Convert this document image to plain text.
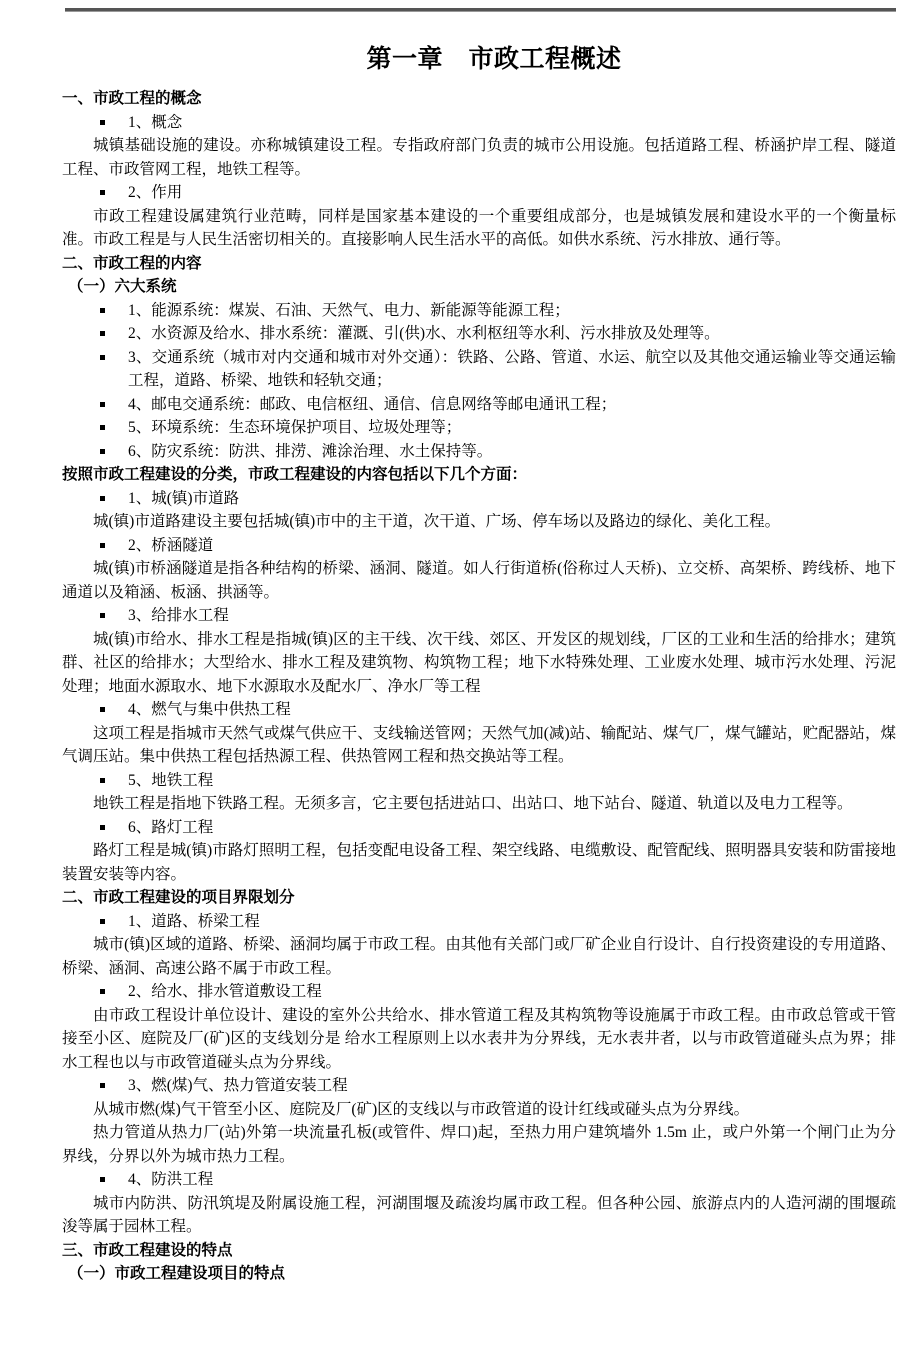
第一章　市政工程概述

一、市政工程的概念

1、概念

城镇基础设施的建设。亦称城镇建设工程。专指政府部门负责的城市公用设施。包括道路工程、桥涵护岸工程、隧道工程、市政管网工程，地铁工程等。

2、作用

市政工程建设属建筑行业范畴，同样是国家基本建设的一个重要组成部分，也是城镇发展和建设水平的一个衡量标准。市政工程是与人民生活密切相关的。直接影响人民生活水平的高低。如供水系统、污水排放、通行等。

二、市政工程的内容

（一）六大系统

1、能源系统：煤炭、石油、天然气、电力、新能源等能源工程；
2、水资源及给水、排水系统：灌溉、引(供)水、水利枢纽等水利、污水排放及处理等。
3、交通系统（城市对内交通和城市对外交通）：铁路、公路、管道、水运、航空以及其他交通运输业等交通运输工程，道路、桥梁、地铁和轻轨交通；
4、邮电交通系统：邮政、电信枢纽、通信、信息网络等邮电通讯工程；
5、环境系统：生态环境保护项目、垃圾处理等；
6、防灾系统：防洪、排涝、滩涂治理、水土保持等。

按照市政工程建设的分类，市政工程建设的内容包括以下几个方面：

1、城(镇)市道路

城(镇)市道路建设主要包括城(镇)市中的主干道，次干道、广场、停车场以及路边的绿化、美化工程。

2、桥涵隧道

城(镇)市桥涵隧道是指各种结构的桥梁、涵洞、隧道。如人行街道桥(俗称过人天桥)、立交桥、高架桥、跨线桥、地下通道以及箱涵、板涵、拱涵等。

3、给排水工程

城(镇)市给水、排水工程是指城(镇)区的主干线、次干线、郊区、开发区的规划线，厂区的工业和生活的给排水；建筑群、社区的给排水；大型给水、排水工程及建筑物、构筑物工程；地下水特殊处理、工业废水处理、城市污水处理、污泥处理；地面水源取水、地下水源取水及配水厂、净水厂等工程

4、燃气与集中供热工程

这项工程是指城市天然气或煤气供应干、支线输送管网；天然气加(减)站、输配站、煤气厂，煤气罐站，贮配器站，煤气调压站。集中供热工程包括热源工程、供热管网工程和热交换站等工程。

5、地铁工程

地铁工程是指地下铁路工程。无须多言，它主要包括进站口、出站口、地下站台、隧道、轨道以及电力工程等。

6、路灯工程

路灯工程是城(镇)市路灯照明工程，包括变配电设备工程、架空线路、电缆敷设、配管配线、照明器具安装和防雷接地装置安装等内容。

二、市政工程建设的项目界限划分

1、道路、桥梁工程

城市(镇)区域的道路、桥梁、涵洞均属于市政工程。由其他有关部门或厂矿企业自行设计、自行投资建设的专用道路、桥梁、涵洞、高速公路不属于市政工程。

2、给水、排水管道敷设工程

由市政工程设计单位设计、建设的室外公共给水、排水管道工程及其构筑物等设施属于市政工程。由市政总管或干管接至小区、庭院及厂(矿)区的支线划分是 给水工程原则上以水表井为分界线，无水表井者，以与市政管道碰头点为界；排水工程也以与市政管道碰头点为分界线。

3、燃(煤)气、热力管道安装工程

从城市燃(煤)气干管至小区、庭院及厂(矿)区的支线以与市政管道的设计红线或碰头点为分界线。

热力管道从热力厂(站)外第一块流量孔板(或管件、焊口)起，至热力用户建筑墙外 1.5m 止，或户外第一个闸门止为分界线，分界以外为城市热力工程。

4、防洪工程

城市内防洪、防汛筑堤及附属设施工程，河湖围堰及疏浚均属市政工程。但各种公园、旅游点内的人造河湖的围堰疏浚等属于园林工程。

三、市政工程建设的特点

（一）市政工程建设项目的特点
